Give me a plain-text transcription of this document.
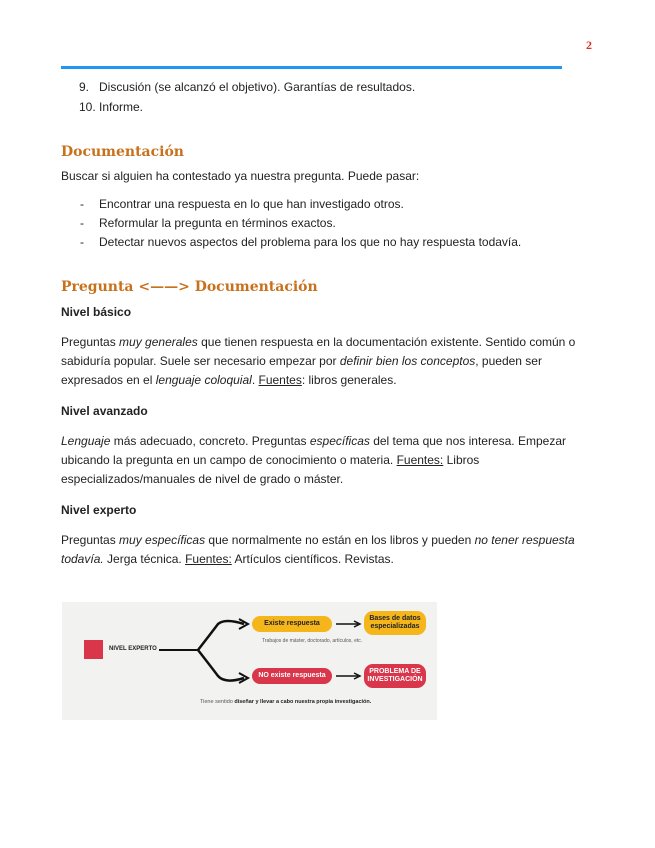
2
9. Discusión (se alcanzó el objetivo). Garantías de resultados.
10. Informe.
Documentación

Buscar si alguien ha contestado ya nuestra pregunta. Puede pasar:

- Encontrar una respuesta en lo que han investigado otros.
- Reformular la pregunta en términos exactos.
- Detectar nuevos aspectos del problema para los que no hay respuesta todavía.
Pregunta <——> Documentación
Nivel básico

Preguntas muy generales que tienen respuesta en la documentación existente. Sentido común o sabiduría popular. Suele ser necesario empezar por definir bien los conceptos, pueden ser expresados en el lenguaje coloquial. Fuentes: libros generales.

Nivel avanzado

Lenguaje más adecuado, concreto. Preguntas específicas del tema que nos interesa. Empezar ubicando la pregunta en un campo de conocimiento o materia. Fuentes: Libros especializados/manuales de nivel de grado o máster.

Nivel experto

Preguntas muy específicas que normalmente no están en los libros y pueden no tener respuesta todavía. Jerga técnica. Fuentes: Artículos científicos. Revistas.

NIVEL EXPERTO
Existe respuesta
Bases de datos especializadas
Trabajos de máster, doctorado, artículos, etc.
NO existe respuesta
PROBLEMA DE INVESTIGACIÓN
Tiene sentido diseñar y llevar a cabo nuestra propia investigación.
